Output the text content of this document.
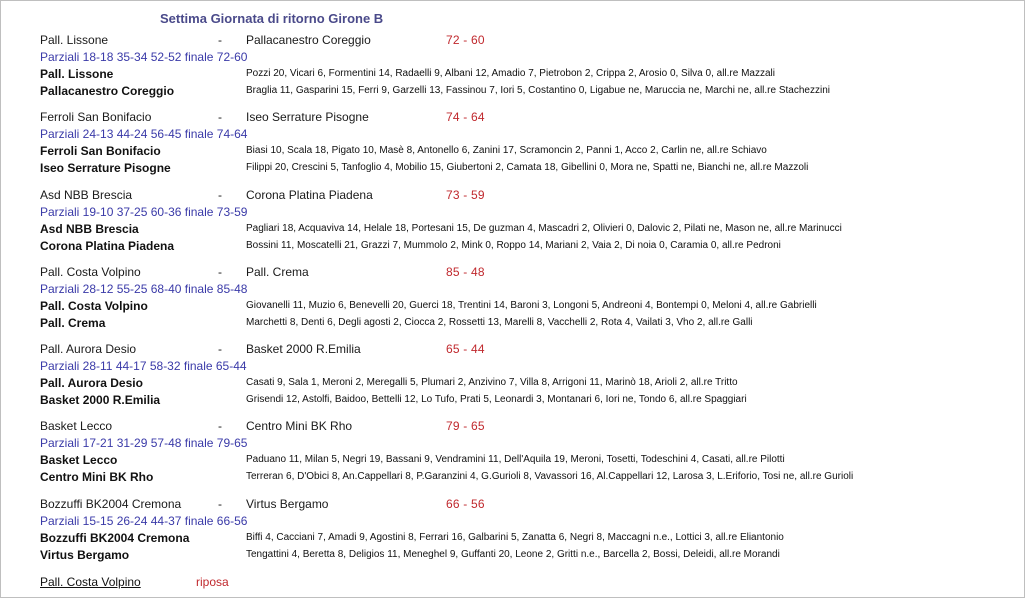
Settima Giornata di ritorno Girone B
Pall. Lissone	- Pallacanestro Coreggio	72 - 60
Parziali 18-18 35-34 52-52 finale 72-60
Pall. Lissone	Pozzi 20, Vicari 6, Formentini 14, Radaelli 9, Albani 12, Amadio 7, Pietrobon 2, Crippa 2, Arosio 0, Silva 0, all.re Mazzali
Pallacanestro Coreggio	Braglia 11, Gasparini 15, Ferri 9, Garzelli 13, Fassinou 7, Iori 5, Costantino 0, Ligabue ne, Maruccia ne, Marchi ne, all.re Stachezzini
Ferroli San Bonifacio	- Iseo Serrature Pisogne	74 - 64
Parziali 24-13 44-24 56-45 finale 74-64
Ferroli San Bonifacio	Biasi 10, Scala 18, Pigato 10, Masè 8, Antonello 6, Zanini 17, Scramoncin 2, Panni 1, Acco 2, Carlin ne, all.re Schiavo
Iseo Serrature Pisogne	Filippi 20, Crescini 5, Tanfoglio 4, Mobilio 15, Giubertoni 2, Camata 18, Gibellini 0, Mora ne, Spatti ne, Bianchi ne, all.re Mazzoli
Asd NBB Brescia	- Corona Platina Piadena	73 - 59
Parziali 19-10 37-25 60-36 finale 73-59
Asd NBB Brescia	Pagliari 18, Acquaviva 14, Helale 18, Portesani 15, De guzman 4, Mascadri 2, Olivieri 0, Dalovic 2, Pilati ne, Mason ne, all.re Marinucci
Corona Platina Piadena	Bossini 11, Moscatelli 21, Grazzi 7, Mummolo 2, Mink 0, Roppo 14, Mariani 2, Vaia 2, Di noia 0, Caramia 0, all.re Pedroni
Pall. Costa Volpino	- Pall. Crema	85 - 48
Parziali 28-12 55-25 68-40 finale 85-48
Pall. Costa Volpino	Giovanelli 11, Muzio 6, Benevelli 20, Guerci 18, Trentini 14, Baroni 3, Longoni 5, Andreoni 4, Bontempi 0, Meloni 4, all.re Gabrielli
Pall. Crema	Marchetti 8, Denti 6, Degli agosti 2, Ciocca 2, Rossetti 13, Marelli 8, Vacchelli 2, Rota 4, Vailati 3, Vho 2, all.re Galli
Pall. Aurora Desio	- Basket 2000 R.Emilia	65 - 44
Parziali 28-11 44-17 58-32 finale 65-44
Pall. Aurora Desio	Casati 9, Sala 1, Meroni 2, Meregalli 5, Plumari 2, Anzivino 7, Villa 8, Arrigoni 11, Marinò 18, Arioli 2, all.re Tritto
Basket 2000 R.Emilia	Grisendi 12, Astolfi, Baidoo, Bettelli 12, Lo Tufo, Prati 5, Leonardi 3, Montanari 6, Iori ne, Tondo 6, all.re Spaggiari
Basket Lecco	- Centro Mini BK Rho	79 - 65
Parziali 17-21 31-29 57-48 finale 79-65
Basket Lecco	Paduano 11, Milan 5, Negri 19, Bassani 9, Vendramini 11, Dell'Aquila 19, Meroni, Tosetti, Todeschini 4, Casati, all.re Pilotti
Centro Mini BK Rho	Terreran 6, D'Obici 8, An.Cappellari 8, P.Garanzini 4, G.Gurioli 8, Vavassori 16, Al.Cappellari 12, Larosa 3, L.Eriforio, Tosi ne, all.re Gurioli
Bozzuffi BK2004 Cremona	- Virtus Bergamo	66 - 56
Parziali 15-15 26-24 44-37 finale 66-56
Bozzuffi BK2004 Cremona	Biffi 4, Cacciani 7, Amadi 9, Agostini 8, Ferrari 16, Galbarini 5, Zanatta 6, Negri 8, Maccagni n.e., Lottici 3, all.re Eliantonio
Virtus Bergamo	Tengattini 4, Beretta 8, Deligios 11, Meneghel 9, Guffanti 20, Leone 2, Gritti n.e., Barcella 2, Bossi, Deleidi, all.re Morandi
Pall. Costa Volpino	riposa
